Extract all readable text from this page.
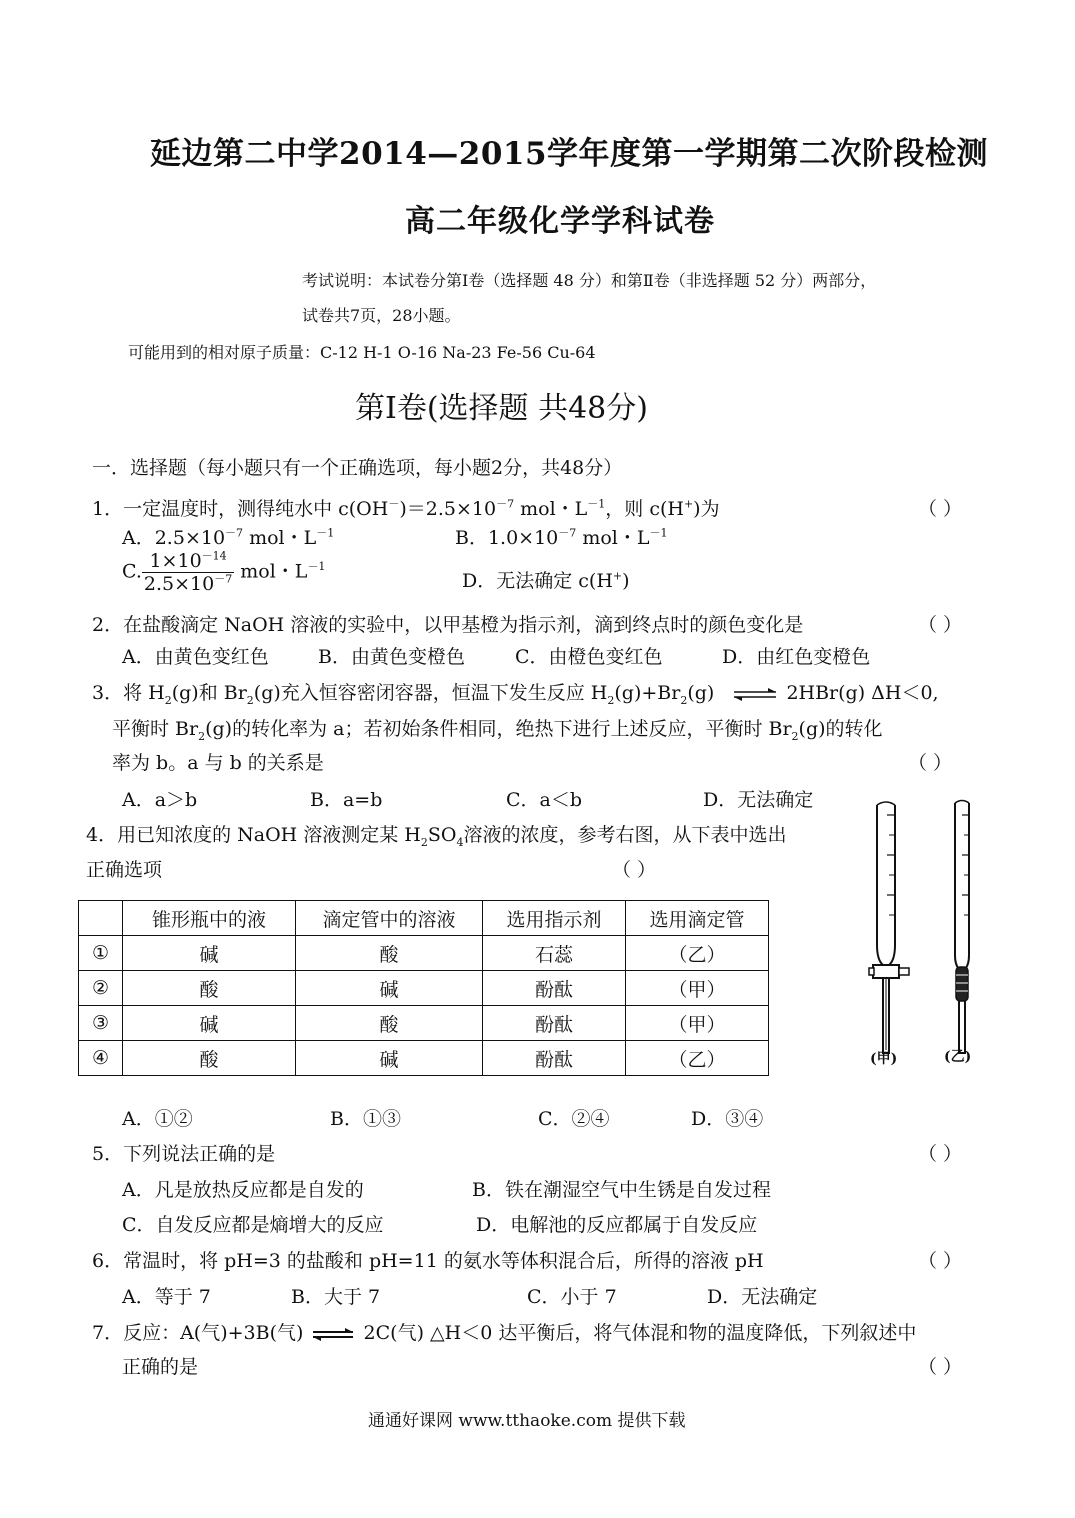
延边第二中学2014—2015学年度第一学期第二次阶段检测
高二年级化学学科试卷
考试说明：本试卷分第Ⅰ卷（选择题 48 分）和第Ⅱ卷（非选择题 52 分）两部分，
试卷共7页，28小题。
可能用到的相对原子质量：C-12 H-1 O-16 Na-23 Fe-56 Cu-64
第Ⅰ卷(选择题 共48分)
一．选择题（每小题只有一个正确选项，每小题2分，共48分）
1．一定温度时，测得纯水中 $c(OH^-)=2.5\times 10^{-7}$ mol・$L^{-1}$，则 c(H+)为	（ ）
A．$2.5\times 10^{-7}$ mol・$L^{-1}$	B．$1.0\times 10^{-7}$ mol・$L^{-1}$
C. $\frac{1\times 10^{-14}}{2.5\times 10^{-7}}$ mol・$L^{-1}$
D．无法确定 c(H+)
2．在盐酸滴定 NaOH 溶液的实验中，以甲基橙为指示剂，滴到终点时的颜色变化是	（ ）
A．由黄色变红色	B．由黄色变橙色	C．由橙色变红色	D．由红色变橙色
3．将 $H_2(g)$和 $Br_2(g)$充入恒容密闭容器，恒温下发生反应 $H_2(g)+Br_2(g)$ ⇌ 2HBr(g) ΔH＜0,
平衡时 $Br_2(g)$的转化率为 a；若初始条件相同，绝热下进行上述反应，平衡时 $Br_2(g)$的转化
率为 b。a 与 b 的关系是	（ ）
A．a＞b	B．a=b	C．a＜b	D．无法确定
4．用已知浓度的 NaOH 溶液测定某 $H_2SO_4$溶液的浓度，参考右图，从下表中选出
正确选项	（ ）
	锥形瓶中的液	滴定管中的溶液	选用指示剂	选用滴定管
①	碱	酸	石蕊	（乙）
②	酸	碱	酚酞	（甲）
③	碱	酸	酚酞	（甲）
④	酸	碱	酚酞	（乙）	(甲)	(乙)
A．①②	B．①③	C．②④	D．③④
5．下列说法正确的是	（ ）
A．凡是放热反应都是自发的	B．铁在潮湿空气中生锈是自发过程
C．自发反应都是熵增大的反应	D．电解池的反应都属于自发反应
6．常温时，将 pH=3 的盐酸和 pH=11 的氨水等体积混合后，所得的溶液 pH	（ ）
A．等于 7	B．大于 7	C．小于 7	D．无法确定
7．反应：A(气)+3B(气) ⇌ 2C(气) △H＜0 达平衡后，将气体混和物的温度降低，下列叙述中
正确的是	（ ）
通通好课网 www.tthaoke.com 提供下载
